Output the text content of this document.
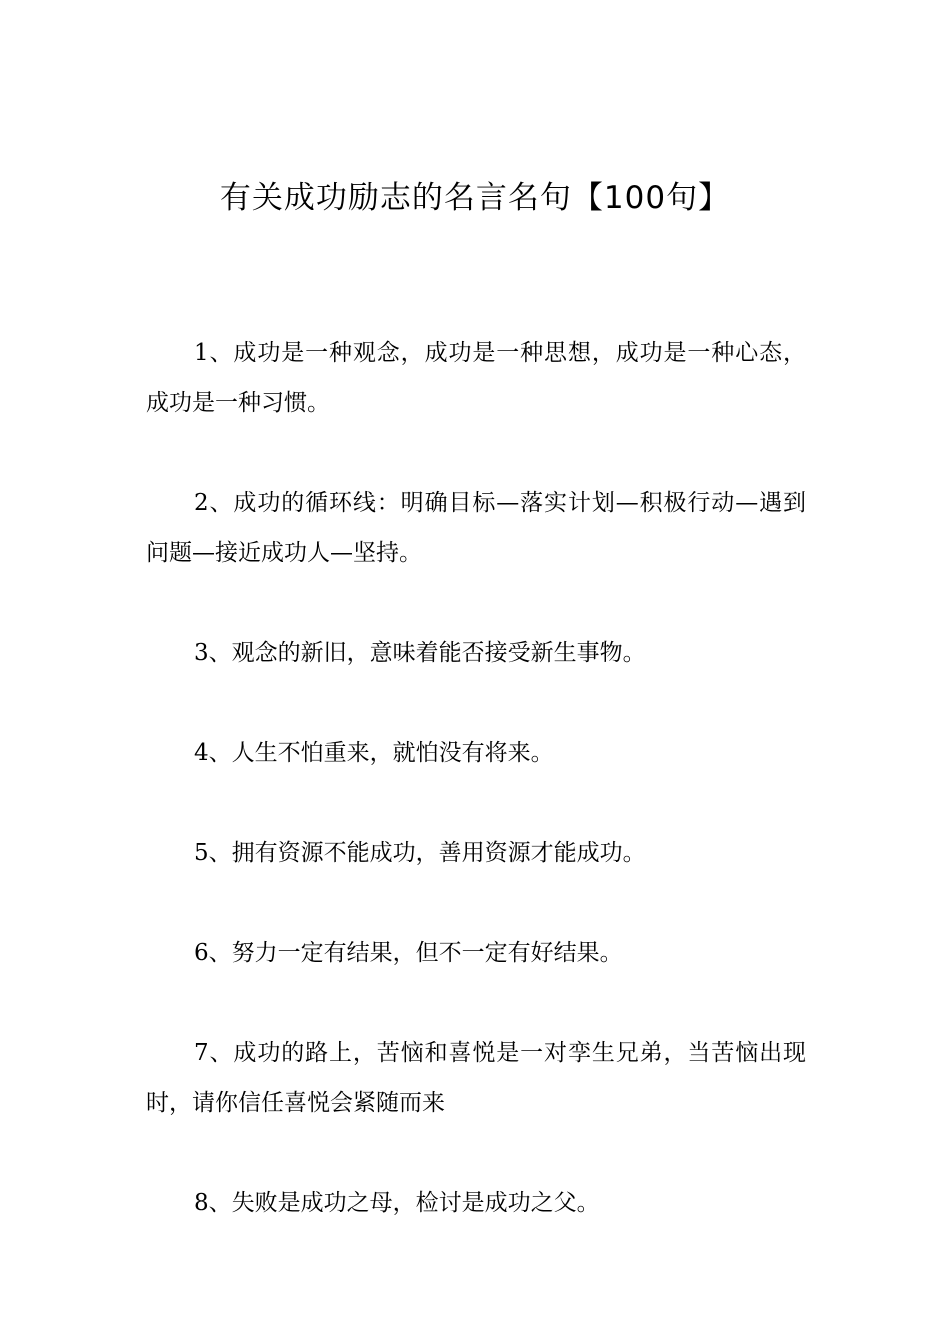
有关成功励志的名言名句【100句】

1、成功是一种观念，成功是一种思想，成功是一种心态，成功是一种习惯。

2、成功的循环线：明确目标—落实计划—积极行动—遇到问题—接近成功人—坚持。

3、观念的新旧，意味着能否接受新生事物。

4、人生不怕重来，就怕没有将来。

5、拥有资源不能成功，善用资源才能成功。

6、努力一定有结果，但不一定有好结果。

7、成功的路上，苦恼和喜悦是一对孪生兄弟，当苦恼出现时，请你信任喜悦会紧随而来

8、失败是成功之母，检讨是成功之父。
